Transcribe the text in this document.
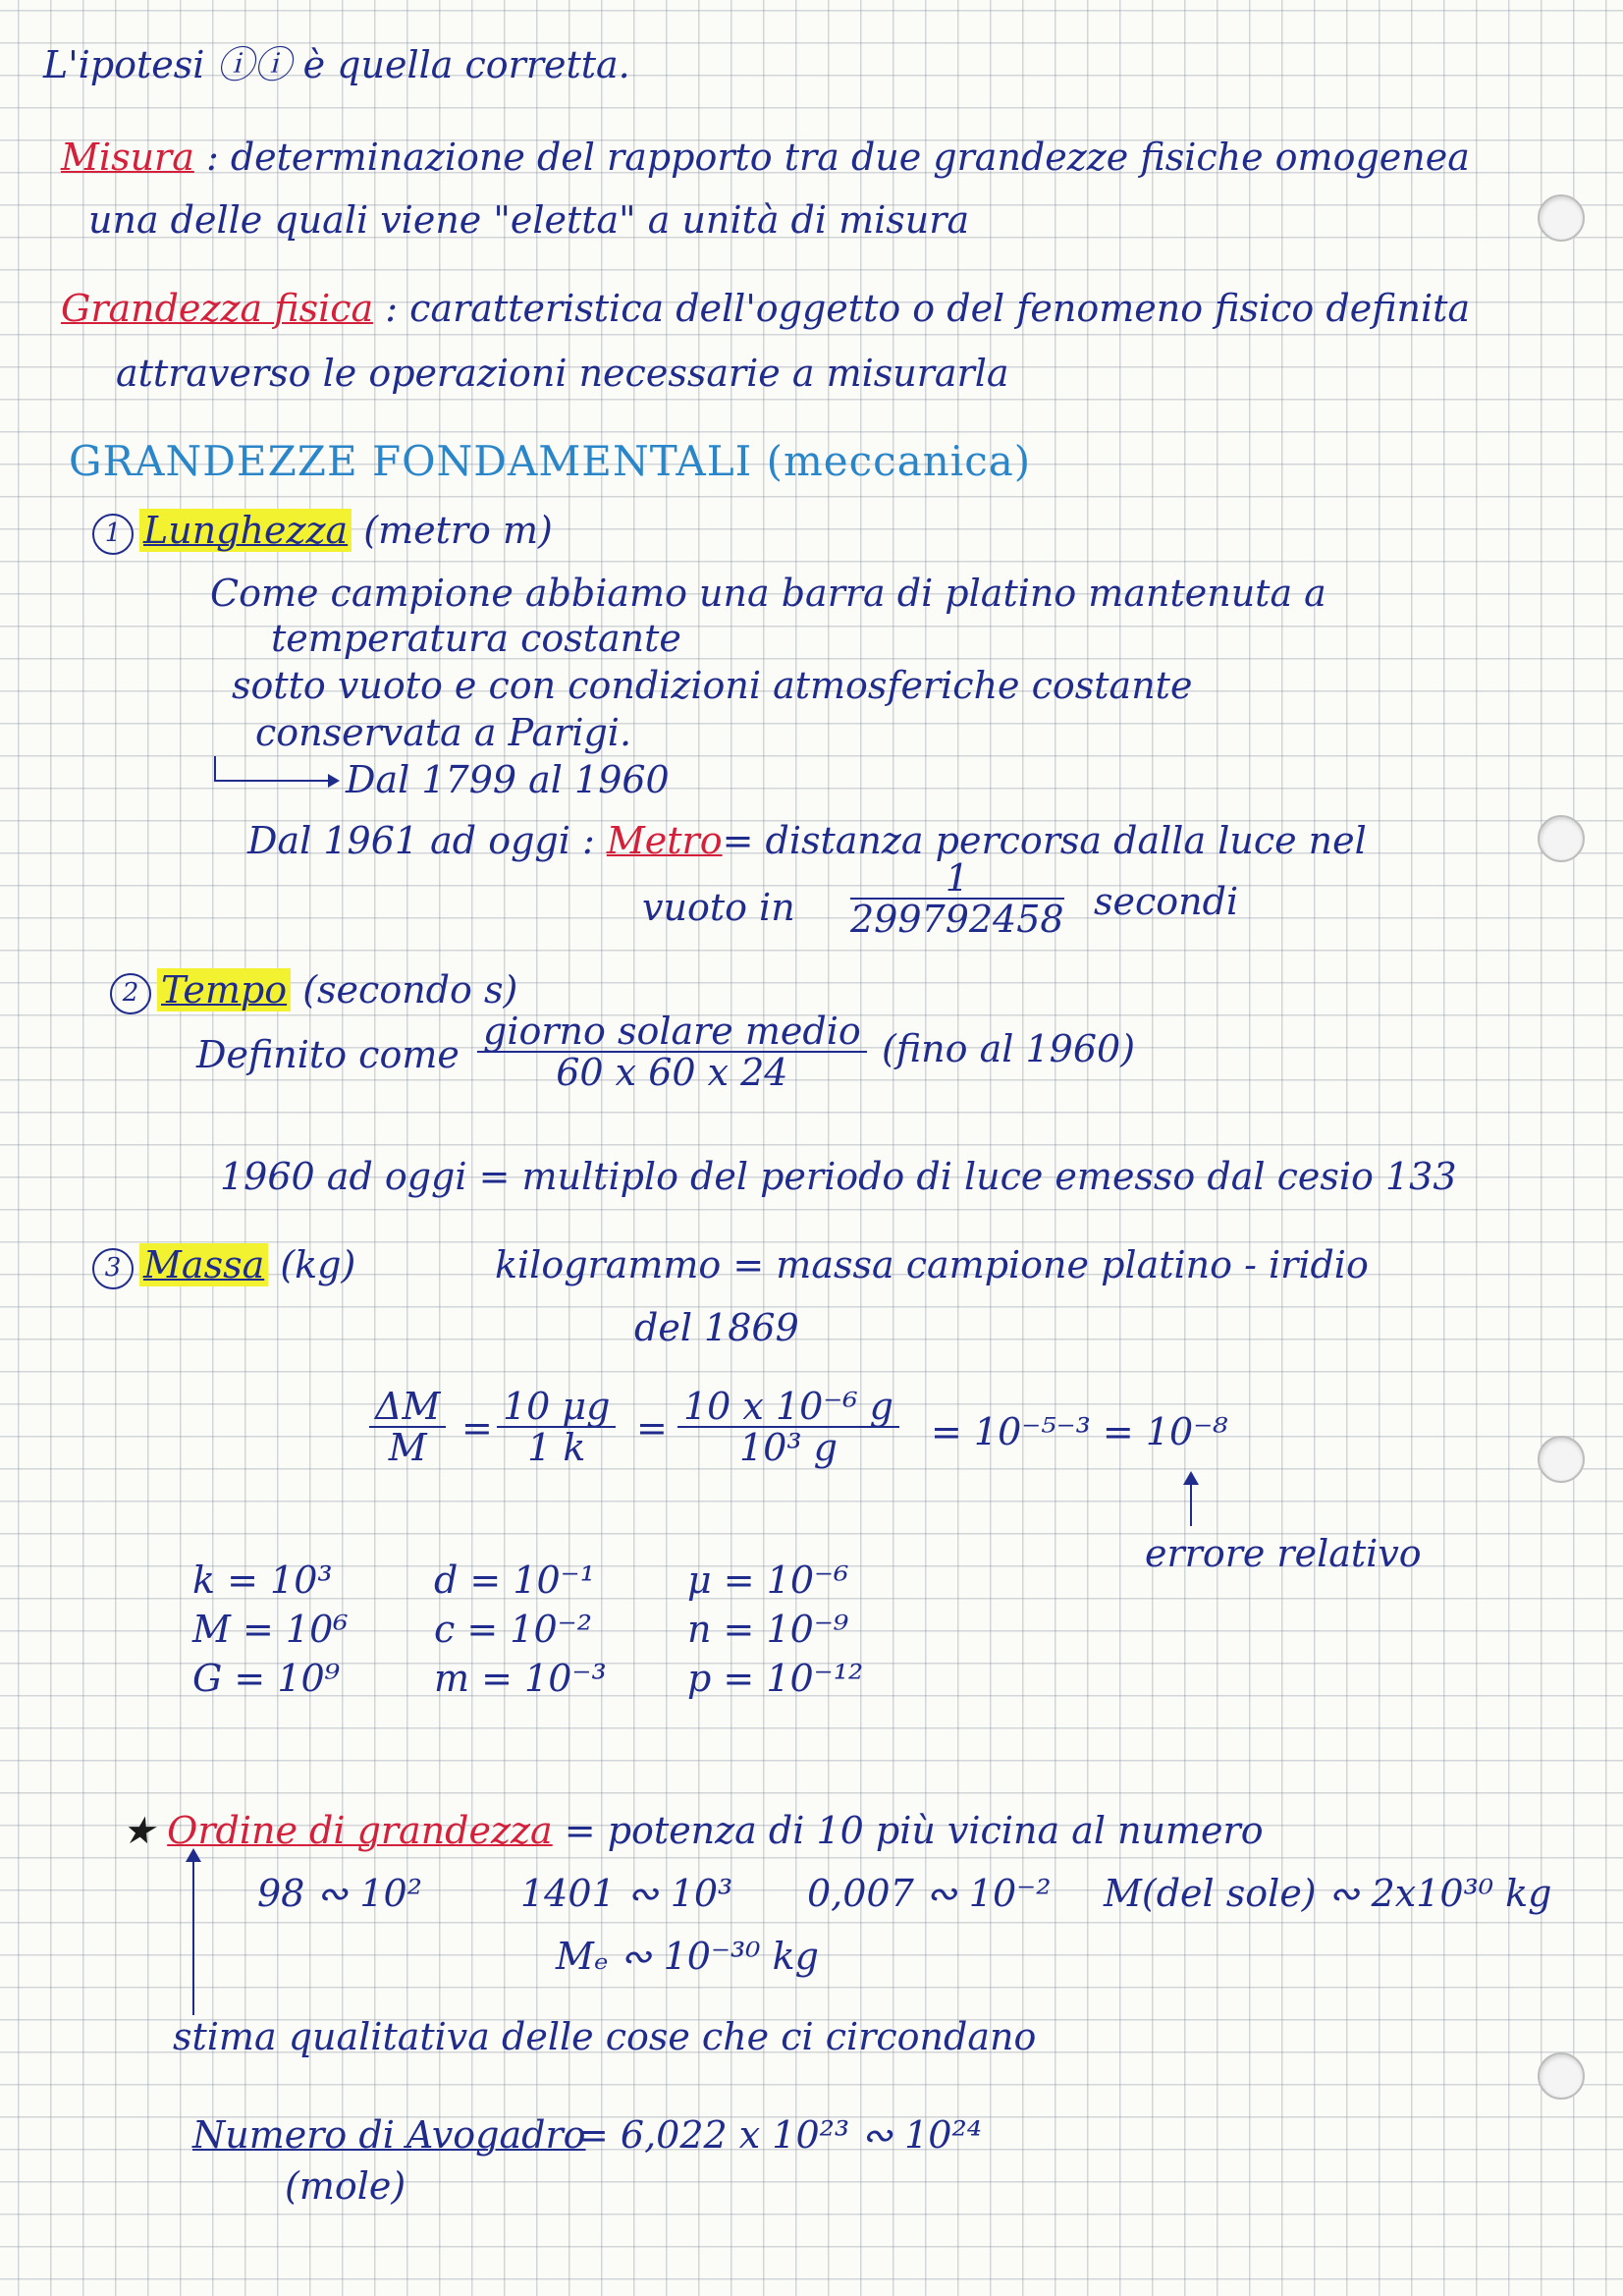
L'ipotesi ⓘⓘ è quella corretta.
Misura : determinazione del rapporto tra due grandezze fisiche omogenea
una delle quali viene "eletta" a unità di misura
Grandezza fisica : caratteristica dell'oggetto o del fenomeno fisico definita
attraverso le operazioni necessarie a misurarla
GRANDEZZE FONDAMENTALI (meccanica)
1 Lunghezza (metro m)
Come campione abbiamo una barra di platino mantenuta a
temperatura costante
sotto vuoto e con condizioni atmosferiche costante
conservata a Parigi.
Dal 1799 al 1960
Dal 1961 ad oggi : Metro= distanza percorsa dalla luce nel
vuoto in $\frac{1}{299792458}$ secondi
2 Tempo (secondo s)
Definito come
giorno solare medio
60 x 60 x 24
(fino al 1960)
1960 ad oggi = multiplo del periodo di luce emesso dal cesio 133
3 Massa (kg)	kilogrammo = massa campione platino - iridio
del 1869
$\frac{\Delta M}{M} = \frac{10 \mu g}{1 k} = \frac{\text{10 x 10⁻⁶ g}}{\text{10³ g}} = 10^{-5-3} = 10^{-8}$
errore relativo
k = 10³
M = 10⁶
G = 10⁹
d = 10⁻¹
c = 10⁻²
m = 10⁻³
μ = 10⁻⁶
n = 10⁻⁹
p = 10⁻¹²
★ Ordine di grandezza = potenza di 10 più vicina al numero
98 ∾ 10²	1401 ∾ 10³ 0,007 ∾ 10⁻² M(del sole) ∾ 2x10³⁰ kg
Mₑ ∾ 10⁻³⁰ kg
stima qualitativa delle cose che ci circondano
Numero di Avogadro
= 6,022 x 10²³ ∾ 10²⁴
(mole)
